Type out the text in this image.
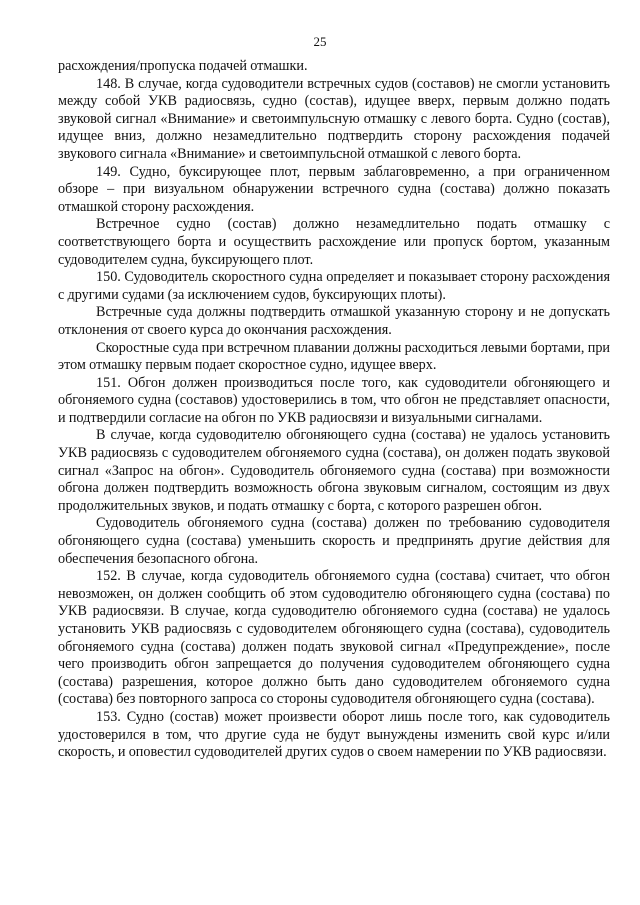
25

расхождения/пропуска подачей отмашки.

148. В случае, когда судоводители встречных судов (составов) не смогли установить между собой УКВ радиосвязь, судно (состав), идущее вверх, первым должно подать звуковой сигнал «Внимание» и светоимпульсную отмашку с левого борта. Судно (состав), идущее вниз, должно незамедлительно подтвердить сторону расхождения подачей звукового сигнала «Внимание» и светоимпульсной отмашкой с левого борта.

149. Судно, буксирующее плот, первым заблаговременно, а при ограниченном обзоре – при визуальном обнаружении встречного судна (состава) должно показать отмашкой сторону расхождения.

Встречное судно (состав) должно незамедлительно подать отмашку с соответствующего борта и осуществить расхождение или пропуск бортом, указанным судоводителем судна, буксирующего плот.

150. Судоводитель скоростного судна определяет и показывает сторону расхождения с другими судами (за исключением судов, буксирующих плоты).

Встречные суда должны подтвердить отмашкой указанную сторону и не допускать отклонения от своего курса до окончания расхождения.

Скоростные суда при встречном плавании должны расходиться левыми бортами, при этом отмашку первым подает скоростное судно, идущее вверх.

151. Обгон должен производиться после того, как судоводители обгоняющего и обгоняемого судна (составов) удостоверились в том, что обгон не представляет опасности, и подтвердили согласие на обгон по УКВ радиосвязи и визуальными сигналами.

В случае, когда судоводителю обгоняющего судна (состава) не удалось установить УКВ радиосвязь с судоводителем обгоняемого судна (состава), он должен подать звуковой сигнал «Запрос на обгон». Судоводитель обгоняемого судна (состава) при возможности обгона должен подтвердить возможность обгона звуковым сигналом, состоящим из двух продолжительных звуков, и подать отмашку с борта, с которого разрешен обгон.

Судоводитель обгоняемого судна (состава) должен по требованию судоводителя обгоняющего судна (состава) уменьшить скорость и предпринять другие действия для обеспечения безопасного обгона.

152. В случае, когда судоводитель обгоняемого судна (состава) считает, что обгон невозможен, он должен сообщить об этом судоводителю обгоняющего судна (состава) по УКВ радиосвязи. В случае, когда судоводителю обгоняемого судна (состава) не удалось установить УКВ радиосвязь с судоводителем обгоняющего судна (состава), судоводитель обгоняемого судна (состава) должен подать звуковой сигнал «Предупреждение», после чего производить обгон запрещается до получения судоводителем обгоняющего судна (состава) разрешения, которое должно быть дано судоводителем обгоняемого судна (состава) без повторного запроса со стороны судоводителя обгоняющего судна (состава).

153. Судно (состав) может произвести оборот лишь после того, как судоводитель удостоверился в том, что другие суда не будут вынуждены изменить свой курс и/или скорость, и оповестил судоводителей других судов о своем намерении по УКВ радиосвязи.
